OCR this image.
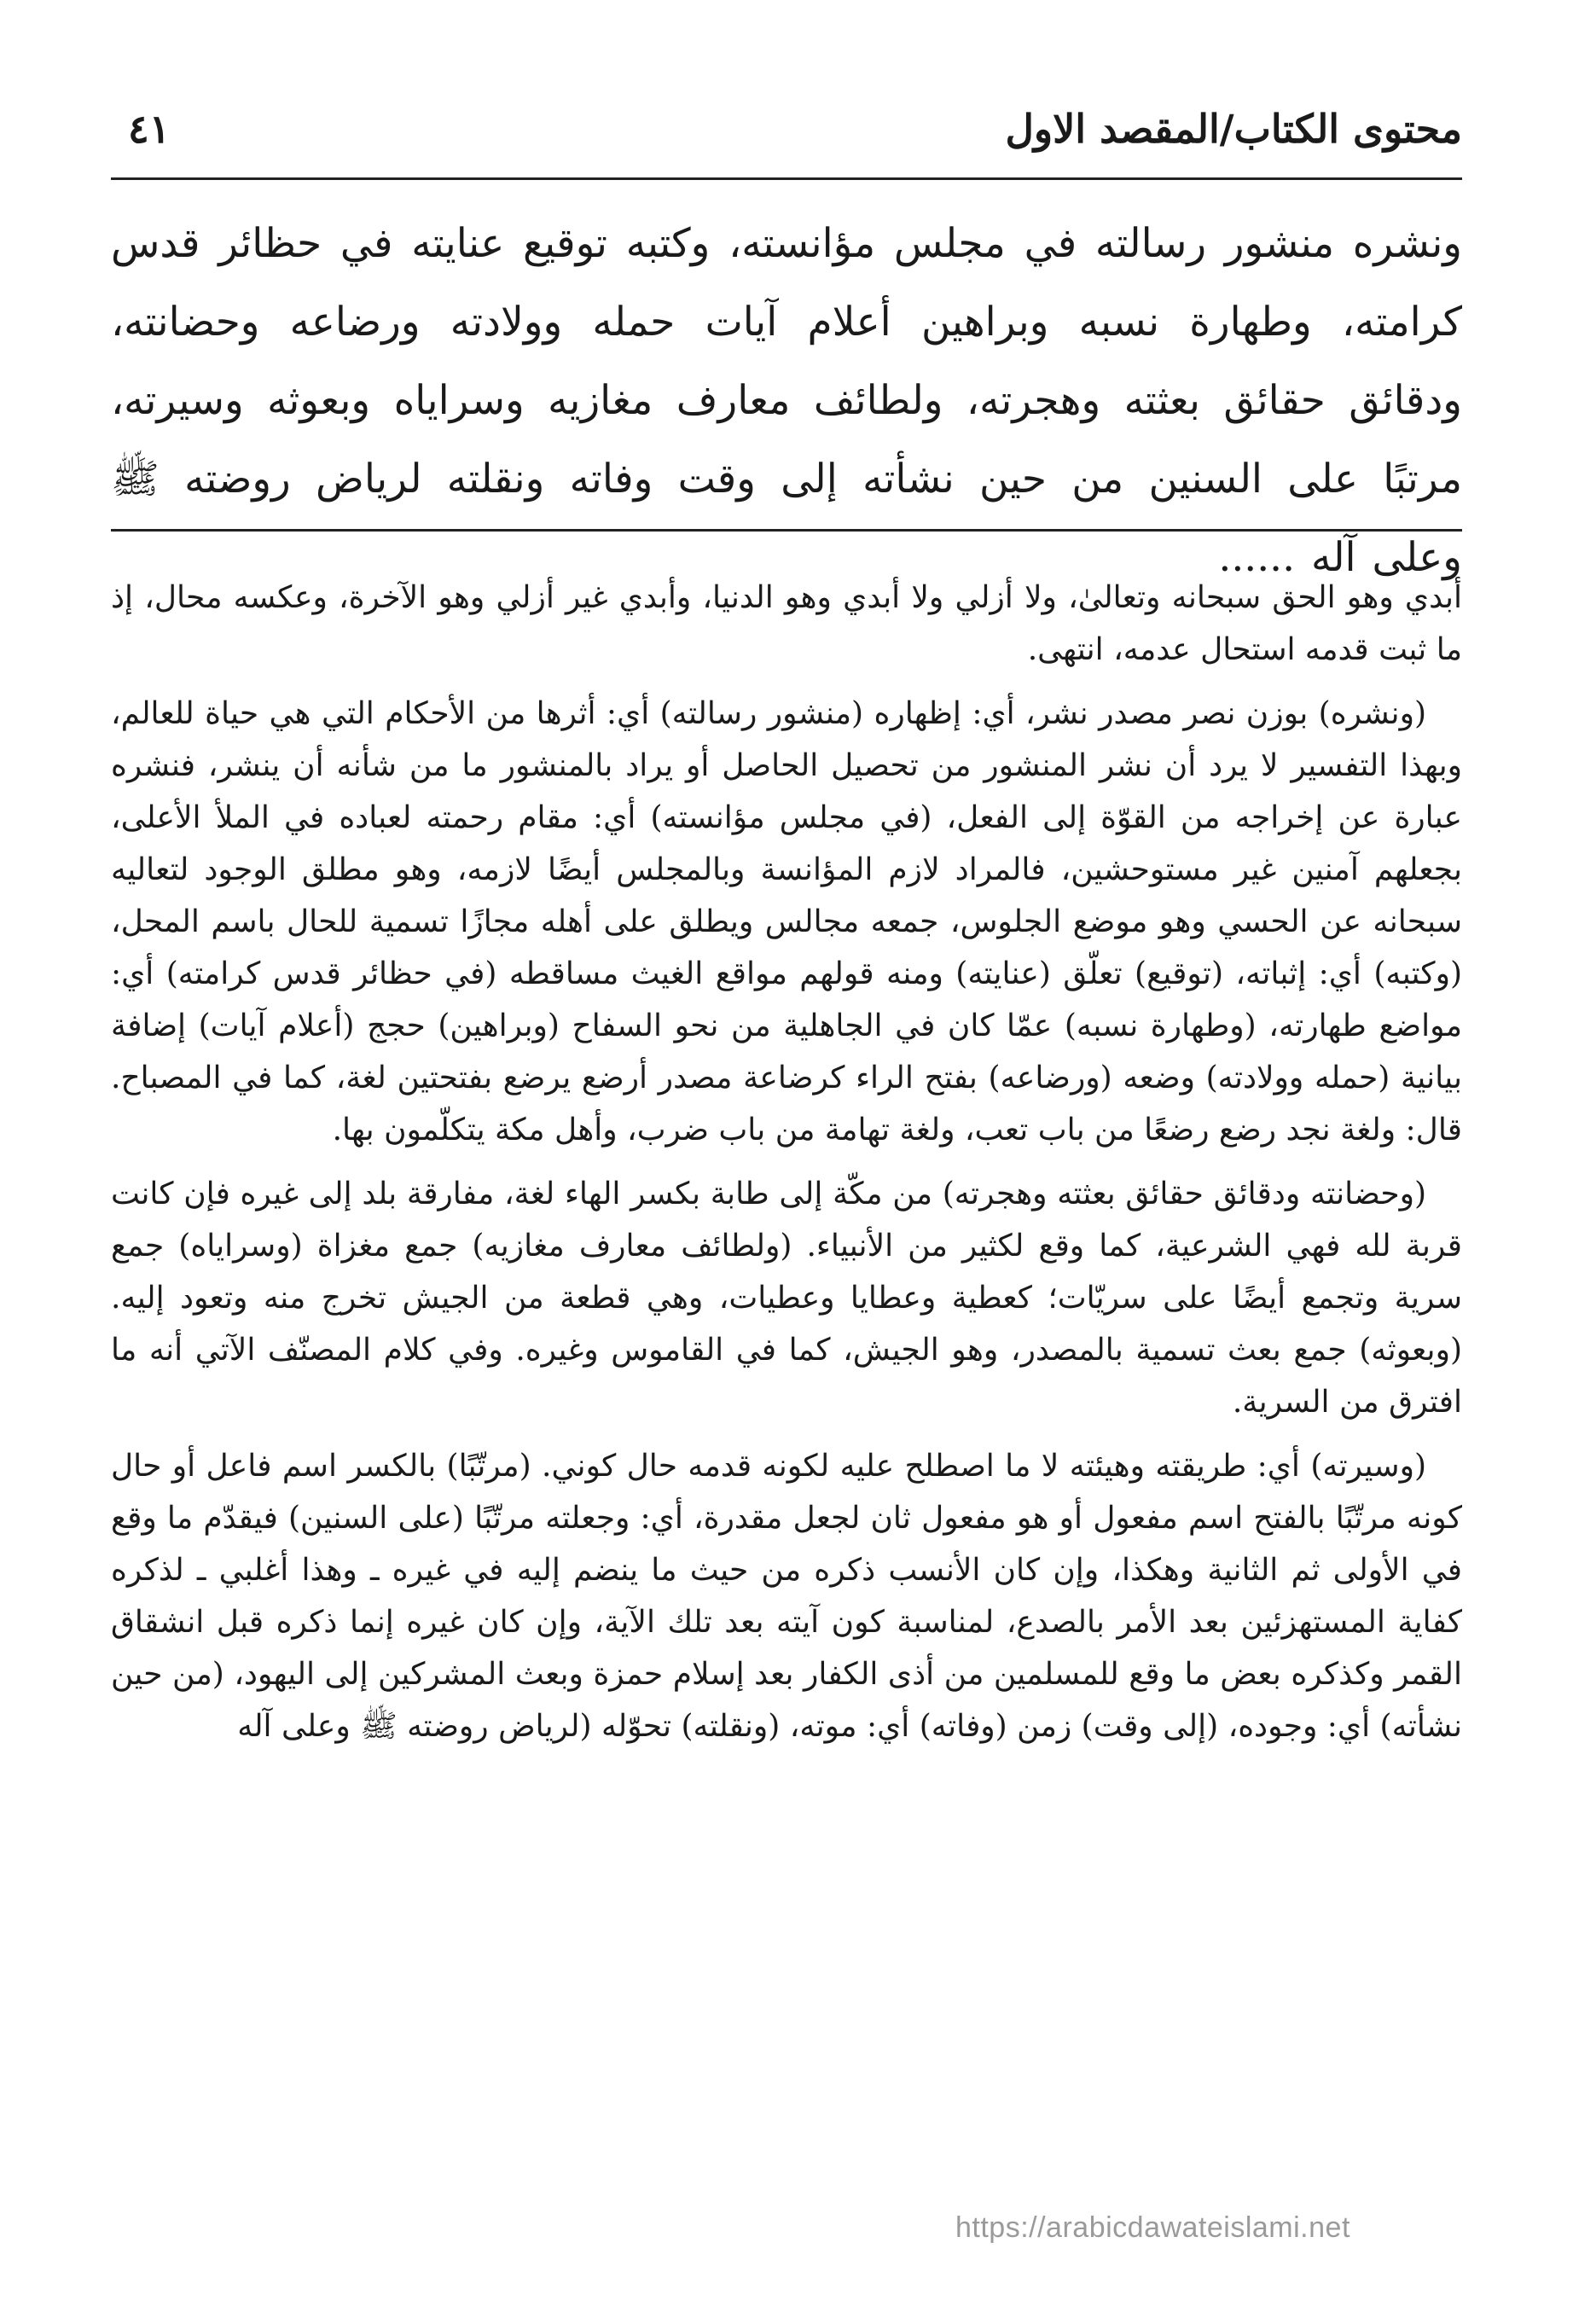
محتوى الكتاب/المقصد الاول
٤١
ونشره منشور رسالته في مجلس مؤانسته، وكتبه توقيع عنايته في حظائر قدس كرامته، وطهارة نسبه وبراهين أعلام آيات حمله وولادته ورضاعه وحضانته، ودقائق حقائق بعثته وهجرته، ولطائف معارف مغازيه وسراياه وبعوثه وسيرته، مرتبًا على السنين من حين نشأته إلى وقت وفاته ونقلته لرياض روضته ﷺ وعلى آله ......

أبدي وهو الحق سبحانه وتعالىٰ، ولا أزلي ولا أبدي وهو الدنيا، وأبدي غير أزلي وهو الآخرة، وعكسه محال، إذ ما ثبت قدمه استحال عدمه، انتهى.

(ونشره) بوزن نصر مصدر نشر، أي: إظهاره (منشور رسالته) أي: أثرها من الأحكام التي هي حياة للعالم، وبهذا التفسير لا يرد أن نشر المنشور من تحصيل الحاصل أو يراد بالمنشور ما من شأنه أن ينشر، فنشره عبارة عن إخراجه من القوّة إلى الفعل، (في مجلس مؤانسته) أي: مقام رحمته لعباده في الملأ الأعلى، بجعلهم آمنين غير مستوحشين، فالمراد لازم المؤانسة وبالمجلس أيضًا لازمه، وهو مطلق الوجود لتعاليه سبحانه عن الحسي وهو موضع الجلوس، جمعه مجالس ويطلق على أهله مجازًا تسمية للحال باسم المحل، (وكتبه) أي: إثباته، (توقيع) تعلّق (عنايته) ومنه قولهم مواقع الغيث مساقطه (في حظائر قدس كرامته) أي: مواضع طهارته، (وطهارة نسبه) عمّا كان في الجاهلية من نحو السفاح (وبراهين) حجج (أعلام آيات) إضافة بيانية (حمله وولادته) وضعه (ورضاعه) بفتح الراء كرضاعة مصدر أرضع يرضع بفتحتين لغة، كما في المصباح. قال: ولغة نجد رضع رضعًا من باب تعب، ولغة تهامة من باب ضرب، وأهل مكة يتكلّمون بها.

(وحضانته ودقائق حقائق بعثته وهجرته) من مكّة إلى طابة بكسر الهاء لغة، مفارقة بلد إلى غيره فإن كانت قربة لله فهي الشرعية، كما وقع لكثير من الأنبياء. (ولطائف معارف مغازيه) جمع مغزاة (وسراياه) جمع سرية وتجمع أيضًا على سريّات؛ كعطية وعطايا وعطيات، وهي قطعة من الجيش تخرج منه وتعود إليه. (وبعوثه) جمع بعث تسمية بالمصدر، وهو الجيش، كما في القاموس وغيره. وفي كلام المصنّف الآتي أنه ما افترق من السرية.

(وسيرته) أي: طريقته وهيئته لا ما اصطلح عليه لكونه قدمه حال كوني. (مرتّبًا) بالكسر اسم فاعل أو حال كونه مرتّبًا بالفتح اسم مفعول أو هو مفعول ثان لجعل مقدرة، أي: وجعلته مرتّبًا (على السنين) فيقدّم ما وقع في الأولى ثم الثانية وهكذا، وإن كان الأنسب ذكره من حيث ما ينضم إليه في غيره ـ وهذا أغلبي ـ لذكره كفاية المستهزئين بعد الأمر بالصدع، لمناسبة كون آيته بعد تلك الآية، وإن كان غيره إنما ذكره قبل انشقاق القمر وكذكره بعض ما وقع للمسلمين من أذى الكفار بعد إسلام حمزة وبعث المشركين إلى اليهود، (من حين نشأته) أي: وجوده، (إلى وقت) زمن (وفاته) أي: موته، (ونقلته) تحوّله (لرياض روضته ﷺ وعلى آله

https://arabicdawateislami.net
